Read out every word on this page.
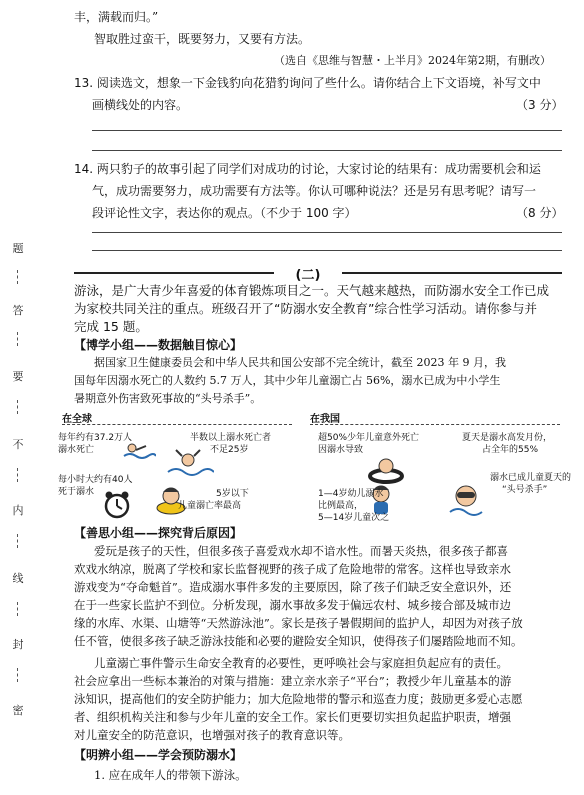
题
答
要
不
内
线
封
密
丰，满载而归。”
智取胜过蛮干，既要努力，又要有方法。
（选自《思维与智慧・上半月》2024年第2期，有删改）
13. 阅读选文，想象一下金钱豹向花猎豹询问了些什么。请你结合上下文语境，补写文中
画横线处的内容。	（3 分）
14. 两只豹子的故事引起了同学们对成功的讨论，大家讨论的结果有：成功需要机会和运
气，成功需要努力，成功需要有方法等。你认可哪种说法？还是另有思考呢？请写一
段评论性文字，表达你的观点。（不少于 100 字）	（8 分）
(二)
游泳，是广大青少年喜爱的体育锻炼项目之一。天气越来越热，而防溺水安全工作已成
为家校共同关注的重点。班级召开了“防溺水安全教育”综合性学习活动。请你参与并
完成 15 题。
【博学小组——数据触目惊心】
据国家卫生健康委员会和中华人民共和国公安部不完全统计，截至 2023 年 9 月，我
国每年因溺水死亡的人数约 5.7 万人，其中少年儿童溺亡占 56%，溺水已成为中小学生
暑期意外伤害致死事故的“头号杀手”。
在全球	在我国
每年约有37.2万人
溺水死亡
半数以上溺水死亡者
不足25岁
每小时大约有40人
死于溺水	5岁以下
儿童溺亡率最高
超50%少年儿童意外死亡
因溺水导致
夏天是溺水高发月份，
占全年的55%
1—4岁幼儿溺水
比例最高，
5—14岁儿童次之
溺水已成儿童夏天的
“头号杀手”
【善思小组——探究背后原因】
爱玩是孩子的天性，但很多孩子喜爱戏水却不谙水性。而暑天炎热，很多孩子都喜
欢戏水纳凉，脱离了学校和家长监督视野的孩子成了危险地带的常客。这样也导致亲水
游戏变为“夺命魁首”。造成溺水事件多发的主要原因，除了孩子们缺乏安全意识外，还
在于一些家长监护不到位。分析发现，溺水事故多发于偏远农村、城乡接合部及城市边
缘的水库、水渠、山塘等“天然游泳池”。家长是孩子暑假期间的监护人，却因为对孩子放
任不管，使很多孩子缺乏游泳技能和必要的避险安全知识，使得孩子们屡踏险地而不知。
儿童溺亡事件警示生命安全教育的必要性，更呼唤社会与家庭担负起应有的责任。
社会应拿出一些标本兼治的对策与措施：建立亲水亲子“平台”；教授少年儿童基本的游
泳知识，提高他们的安全防护能力；加大危险地带的警示和巡查力度；鼓励更多爱心志愿
者、组织机构关注和参与少年儿童的安全工作。家长们更要切实担负起监护职责，增强
对儿童安全的防范意识，也增强对孩子的教育意识等。
【明辨小组——学会预防溺水】
1. 应在成年人的带领下游泳。
